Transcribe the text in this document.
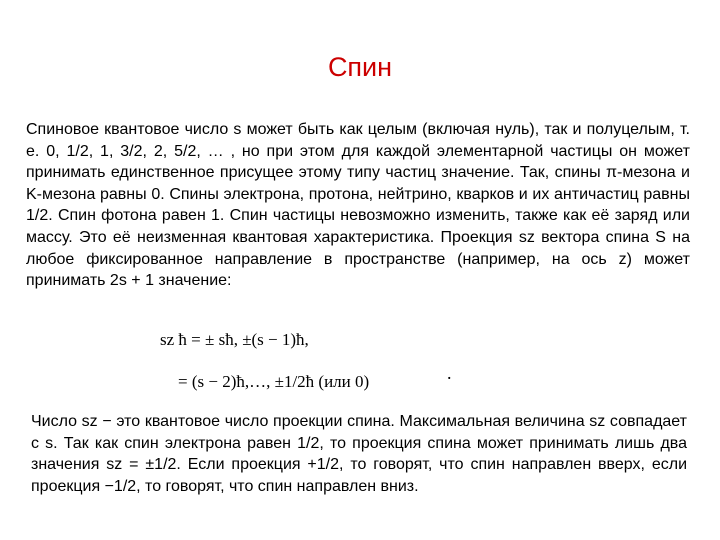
Спин
Спиновое квантовое число s может быть как целым (включая нуль), так и полуцелым, т. е. 0, 1/2, 1, 3/2, 2, 5/2, … , но при этом для каждой элементарной частицы он может принимать единственное присущее этому типу частиц значение. Так, спины π-мезона и K-мезона равны 0. Спины электрона, протона, нейтрино, кварков и их античастиц равны 1/2. Спин фотона равен 1. Спин частицы невозможно изменить, также как её заряд или массу. Это её неизменная квантовая характеристика. Проекция sz вектора спина S на любое фиксированное направление в пространстве (например, на ось z) может принимать 2s + 1 значение:
sz ħ = ± sħ, ±(s − 1)ħ,
= (s − 2)ħ,…, ±1/2ħ (или 0)	.
Число sz − это квантовое число проекции спина. Максимальная величина sz совпадает с s. Так как спин электрона равен 1/2, то проекция спина может принимать лишь два значения sz = ±1/2. Если проекция +1/2, то говорят, что спин направлен вверх, если проекция −1/2, то говорят, что спин направлен вниз.
